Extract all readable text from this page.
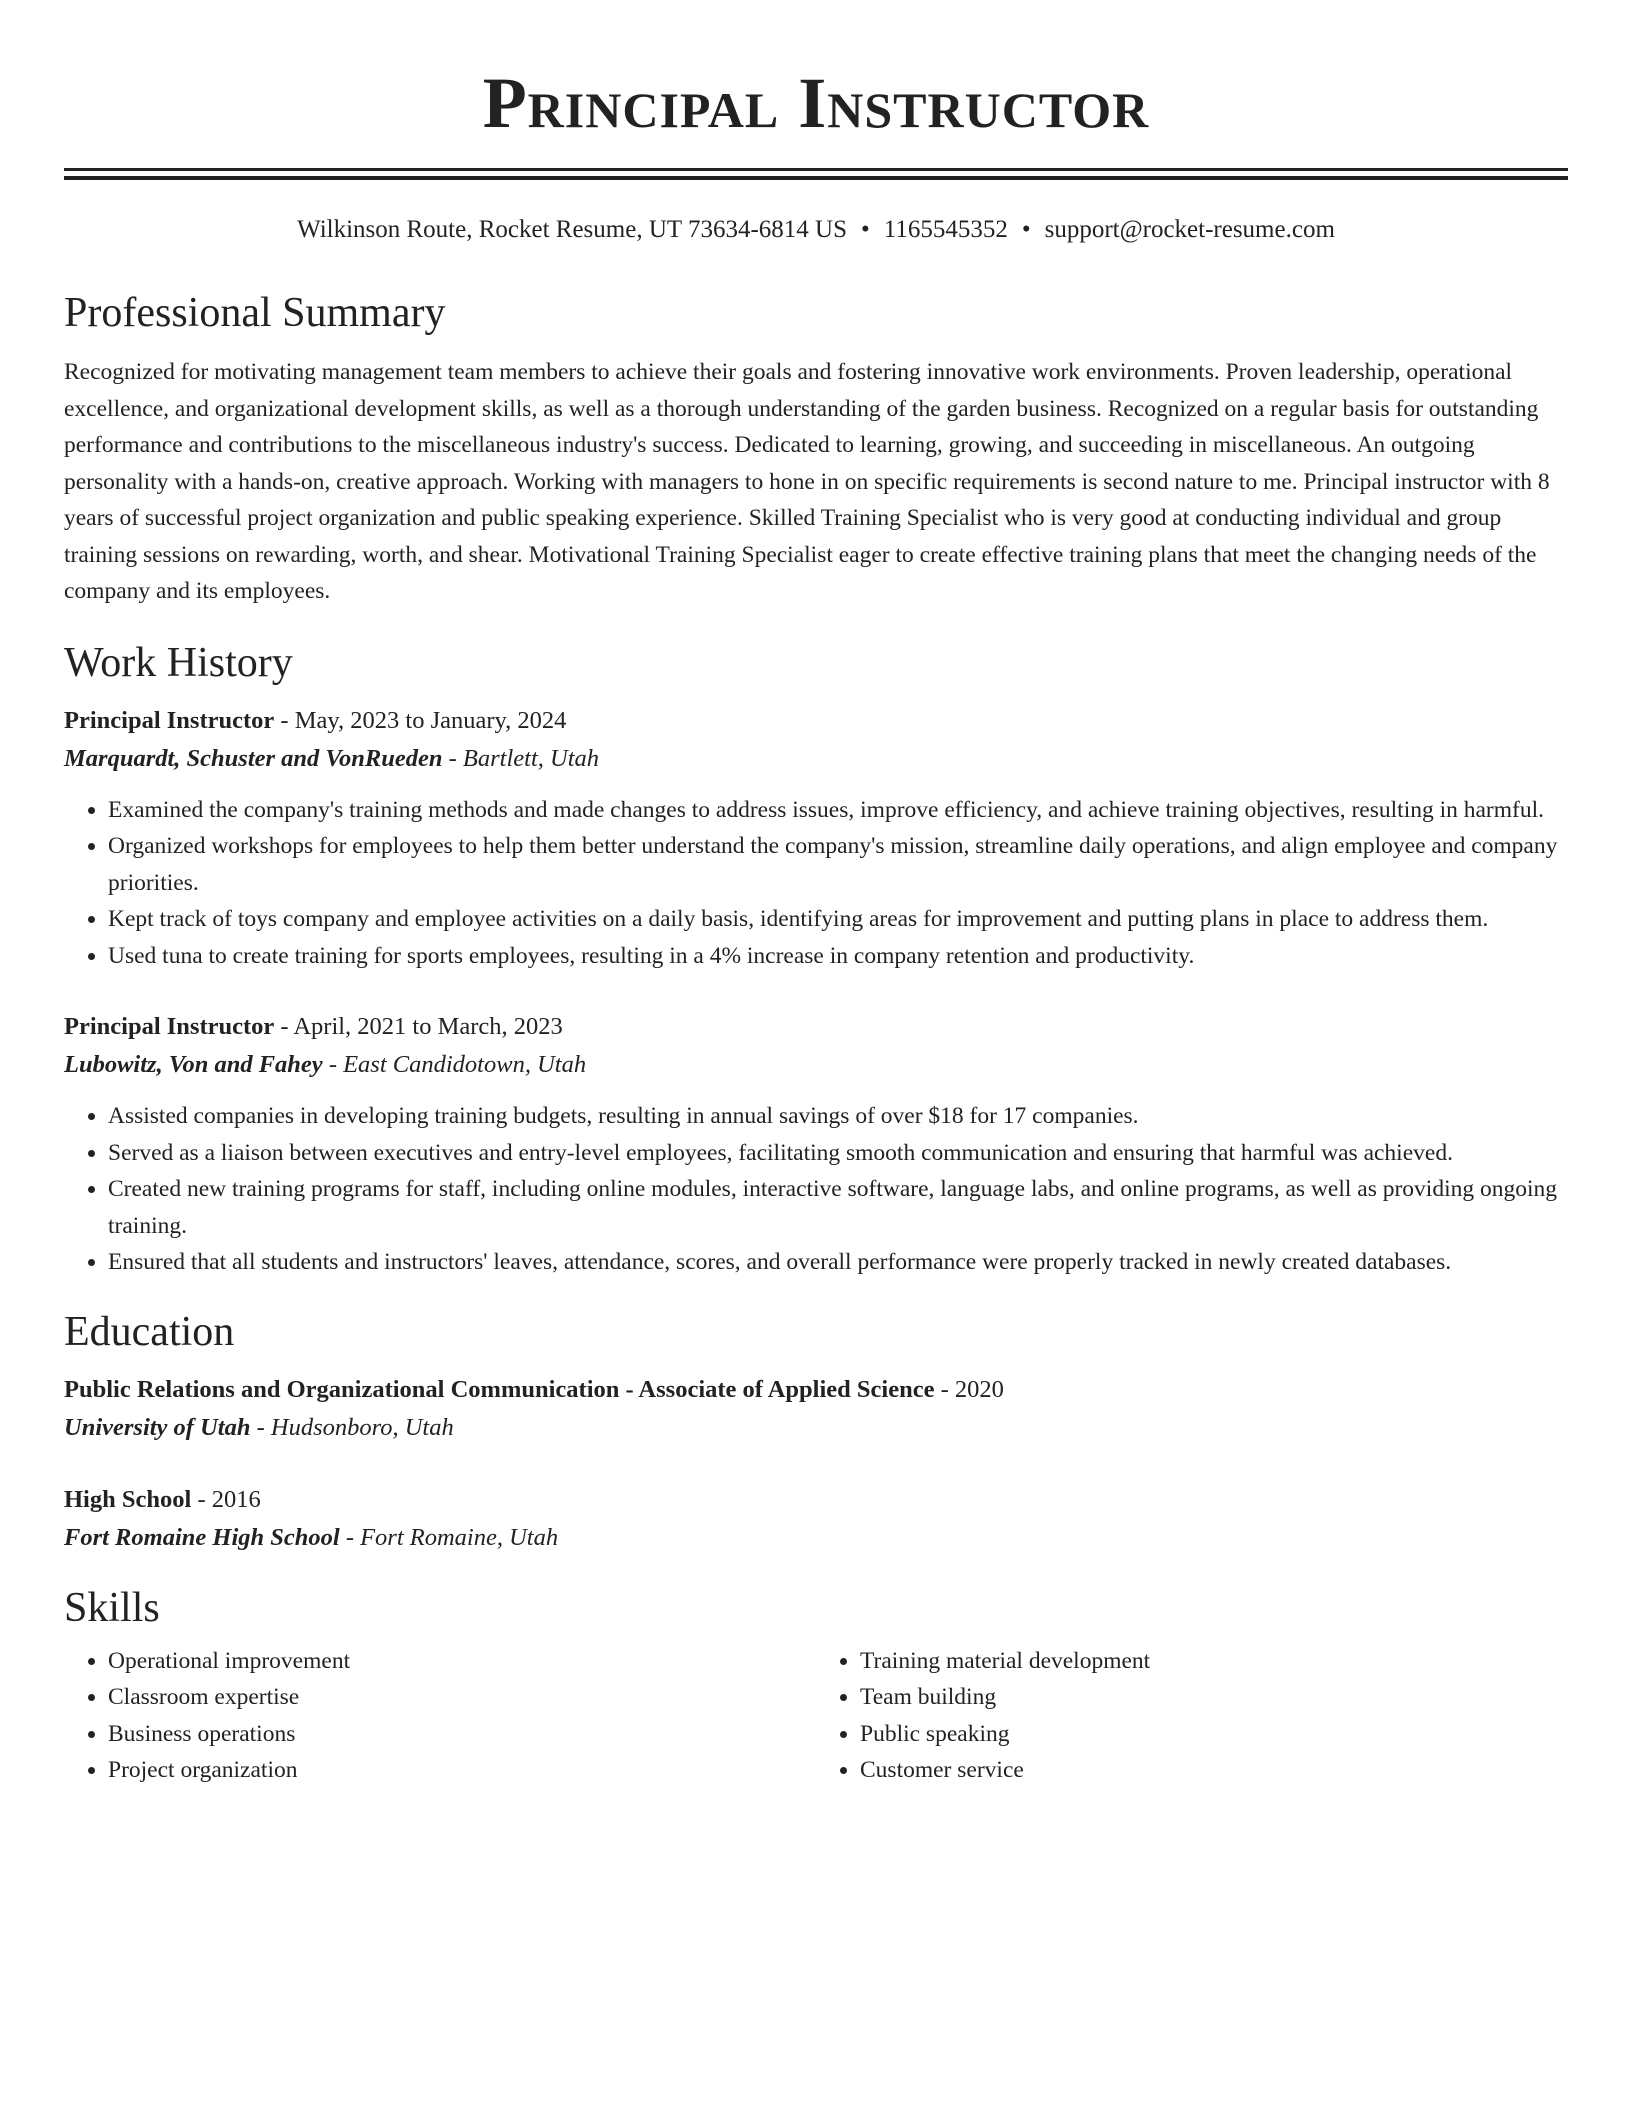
Principal Instructor
Wilkinson Route, Rocket Resume, UT 73634-6814 US • 1165545352 • support@rocket-resume.com
Professional Summary
Recognized for motivating management team members to achieve their goals and fostering innovative work environments. Proven leadership, operational excellence, and organizational development skills, as well as a thorough understanding of the garden business. Recognized on a regular basis for outstanding performance and contributions to the miscellaneous industry's success. Dedicated to learning, growing, and succeeding in miscellaneous. An outgoing personality with a hands-on, creative approach. Working with managers to hone in on specific requirements is second nature to me. Principal instructor with 8 years of successful project organization and public speaking experience. Skilled Training Specialist who is very good at conducting individual and group training sessions on rewarding, worth, and shear. Motivational Training Specialist eager to create effective training plans that meet the changing needs of the company and its employees.
Work History
Principal Instructor - May, 2023 to January, 2024
Marquardt, Schuster and VonRueden - Bartlett, Utah
• Examined the company's training methods and made changes to address issues, improve efficiency, and achieve training objectives, resulting in harmful.
• Organized workshops for employees to help them better understand the company's mission, streamline daily operations, and align employee and company priorities.
• Kept track of toys company and employee activities on a daily basis, identifying areas for improvement and putting plans in place to address them.
• Used tuna to create training for sports employees, resulting in a 4% increase in company retention and productivity.
Principal Instructor - April, 2021 to March, 2023
Lubowitz, Von and Fahey - East Candidotown, Utah
• Assisted companies in developing training budgets, resulting in annual savings of over $18 for 17 companies.
• Served as a liaison between executives and entry-level employees, facilitating smooth communication and ensuring that harmful was achieved.
• Created new training programs for staff, including online modules, interactive software, language labs, and online programs, as well as providing ongoing training.
• Ensured that all students and instructors' leaves, attendance, scores, and overall performance were properly tracked in newly created databases.
Education
Public Relations and Organizational Communication - Associate of Applied Science - 2020
University of Utah - Hudsonboro, Utah
High School - 2016
Fort Romaine High School - Fort Romaine, Utah
Skills
• Operational improvement
• Classroom expertise
• Business operations
• Project organization
• Training material development
• Team building
• Public speaking
• Customer service
